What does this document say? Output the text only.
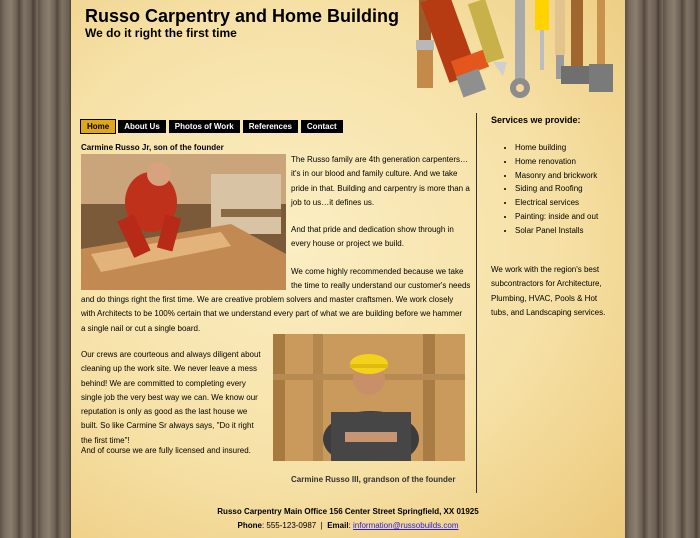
Russo Carpentry and Home Building
We do it right the first time
Home	About Us	Photos of Work	References	Contact
Carmine Russo Jr, son of the founder

The Russo family are 4th generation carpenters…it's in our blood and family culture. And we take pride in that. Building and carpentry is more than a job to us…it defines us.

And that pride and dedication show through in every house or project we build.

We come highly recommended because we take the time to really understand our customer's needs

and do things right the first time. We are creative problem solvers and master craftsmen. We work closely with Architects to be 100% certain that we understand every part of what we are building before we hammer a single nail or cut a single board.

Our crews are courteous and always diligent about cleaning up the work site. We never leave a mess behind! We are committed to completing every single job the very best way we can. We know our reputation is only as good as the last house we built. So like Carmine Sr always says, "Do it right the first time"!

And of course we are fully licensed and insured.

Carmine Russo III, grandson of the founder
Services we provide:
• Home building
• Home renovation
• Masonry and brickwork
• Siding and Roofing
• Electrical services
• Painting: inside and out
• Solar Panel Installs

We work with the region's best subcontractors for Architecture, Plumbing, HVAC, Pools & Hot tubs, and Landscaping services.

Russo Carpentry Main Office 156 Center Street Springfield, XX 01925
Phone: 555-123-0987  |  Email: information@russobuilds.com
